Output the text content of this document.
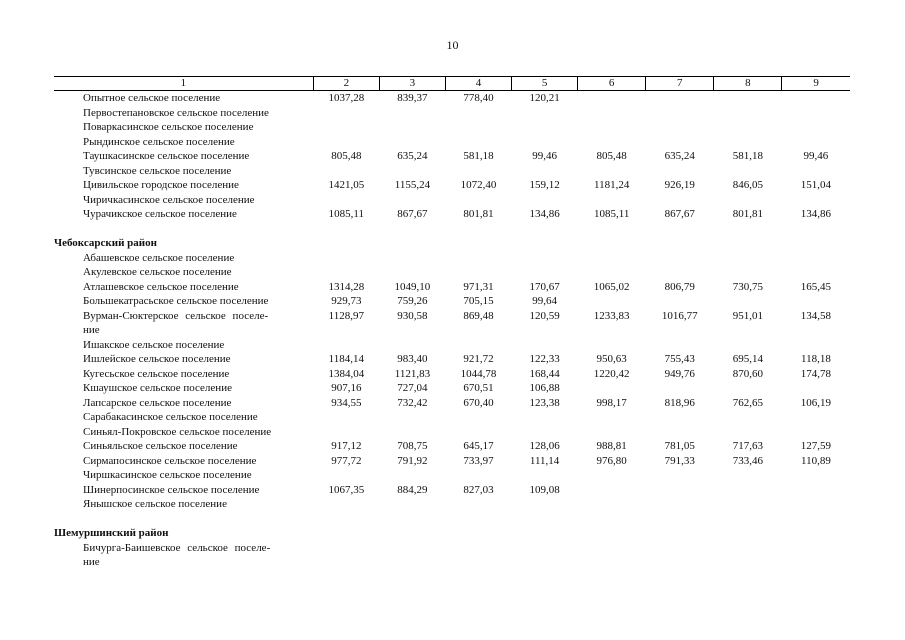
10
1	2	3	4	5	6	7	8	9
Опытное сельское поселение	1037,28	839,37	778,40	120,21				
Первостепановское сельское поселение								
Поваркасинское сельское поселение								
Рындинское сельское поселение								
Таушкасинское сельское поселение	805,48	635,24	581,18	99,46	805,48	635,24	581,18	99,46
Тувсинское сельское поселение								
Цивильское городское поселение	1421,05	1155,24	1072,40	159,12	1181,24	926,19	846,05	151,04
Чиричкасинское сельское поселение								
Чурачикское сельское поселение	1085,11	867,67	801,81	134,86	1085,11	867,67	801,81	134,86

Чебоксарский район								
Абашевское сельское поселение								
Акулевское сельское поселение								
Атлашевское сельское поселение	1314,28	1049,10	971,31	170,67	1065,02	806,79	730,75	165,45
Большекатрасьское сельское поселение	929,73	759,26	705,15	99,64				

Вурман-Сюктерское сельское поселе-
ние	1128,97	930,58	869,48	120,59	1233,83	1016,77	951,01	134,58
Ишакское сельское поселение								
Ишлейское сельское поселение	1184,14	983,40	921,72	122,33	950,63	755,43	695,14	118,18
Кугесьское сельское поселение	1384,04	1121,83	1044,78	168,44	1220,42	949,76	870,60	174,78
Кшаушское сельское поселение	907,16	727,04	670,51	106,88				
Лапсарское сельское поселение	934,55	732,42	670,40	123,38	998,17	818,96	762,65	106,19
Сарабакасинское сельское поселение								
Синьял-Покровское сельское поселение								
Синьяльское сельское поселение	917,12	708,75	645,17	128,06	988,81	781,05	717,63	127,59
Сирмапосинское сельское поселение	977,72	791,92	733,97	111,14	976,80	791,33	733,46	110,89
Чиршкасинское сельское поселение								
Шинерпосинское сельское поселение	1067,35	884,29	827,03	109,08				
Янышское сельское поселение								

Шемуршинский район								

Бичурга-Баишевское сельское поселе-
ние								
